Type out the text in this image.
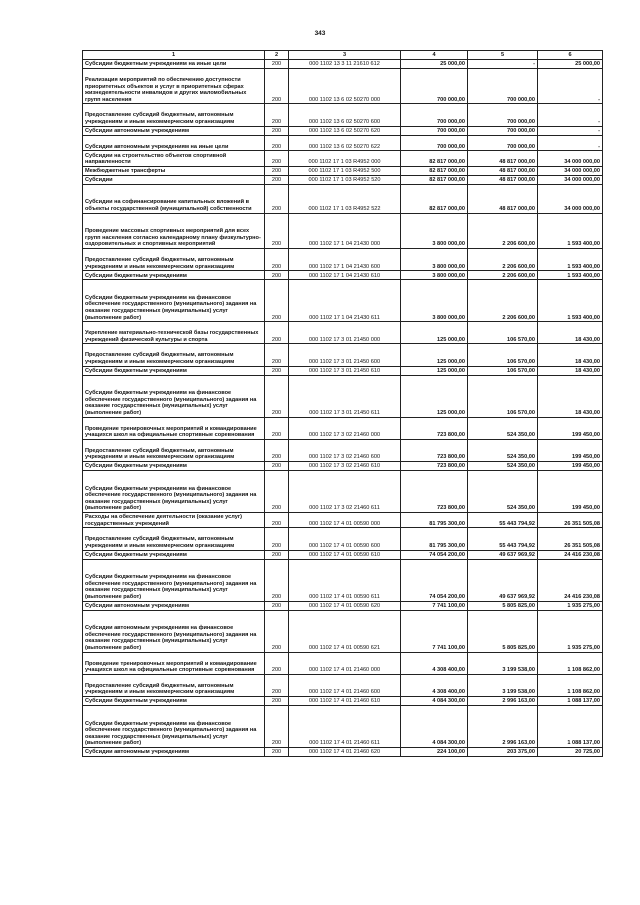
343
1	2	3	4	5	6

Субсидии бюджетным учреждениям на иные цели	200	000 1102 13 3 11 21610 612	25 000,00	-	25 000,00

Реализация мероприятий по обеспечению доступности приоритетных объектов и услуг в приоритетных сферах жизнедеятельности инвалидов и других маломобильных групп населения	200	000 1102 13 6 02 50270 000	700 000,00	700 000,00	-

Предоставление субсидий бюджетным, автономным учреждениям и иным некоммерческим организациям	200	000 1102 13 6 02 50270 600	700 000,00	700 000,00	-

Субсидии автономным учреждениям	200	000 1102 13 6 02 50270 620	700 000,00	700 000,00	-

Субсидии автономным учреждениям на иные цели	200	000 1102 13 6 02 50270 622	700 000,00	700 000,00	-

Субсидии на строительство объектов спортивной направленности	200	000 1102 17 1 03 R4952 000	82 817 000,00	48 817 000,00	34 000 000,00

Межбюджетные трансферты	200	000 1102 17 1 03 R4952 500	82 817 000,00	48 817 000,00	34 000 000,00

Субсидии	200	000 1102 17 1 03 R4952 520	82 817 000,00	48 817 000,00	34 000 000,00

Субсидии на софинансирование капитальных вложений в объекты государственной (муниципальной) собственности	200	000 1102 17 1 03 R4952 522	82 817 000,00	48 817 000,00	34 000 000,00

Проведение массовых спортивных мероприятий для всех групп населения согласно календарному плану физкультурно-оздоровительных и спортивных мероприятий	200	000 1102 17 1 04 21430 000	3 800 000,00	2 206 600,00	1 593 400,00

Предоставление субсидий бюджетным, автономным учреждениям и иным некоммерческим организациям	200	000 1102 17 1 04 21430 600	3 800 000,00	2 206 600,00	1 593 400,00

Субсидии бюджетным учреждениям	200	000 1102 17 1 04 21430 610	3 800 000,00	2 206 600,00	1 593 400,00

Субсидии бюджетным учреждениям на финансовое обеспечение государственного (муниципального) задания на оказание государственных (муниципальных) услуг (выполнение работ)	200	000 1102 17 1 04 21430 611	3 800 000,00	2 206 600,00	1 593 400,00

Укрепление материально-технической базы государственных учреждений физической культуры и спорта	200	000 1102 17 3 01 21450 000	125 000,00	106 570,00	18 430,00

Предоставление субсидий бюджетным, автономным учреждениям и иным некоммерческим организациям	200	000 1102 17 3 01 21450 600	125 000,00	106 570,00	18 430,00

Субсидии бюджетным учреждениям	200	000 1102 17 3 01 21450 610	125 000,00	106 570,00	18 430,00

Субсидии бюджетным учреждениям на финансовое обеспечение государственного (муниципального) задания на оказание государственных (муниципальных) услуг (выполнение работ)	200	000 1102 17 3 01 21450 611	125 000,00	106 570,00	18 430,00

Проведение тренировочных мероприятий и командирование учащихся школ на официальные спортивные соревнования	200	000 1102 17 3 02 21460 000	723 800,00	524 350,00	199 450,00

Предоставление субсидий бюджетным, автономным учреждениям и иным некоммерческим организациям	200	000 1102 17 3 02 21460 600	723 800,00	524 350,00	199 450,00

Субсидии бюджетным учреждениям	200	000 1102 17 3 02 21460 610	723 800,00	524 350,00	199 450,00

Субсидии бюджетным учреждениям на финансовое обеспечение государственного (муниципального) задания на оказание государственных (муниципальных) услуг (выполнение работ)	200	000 1102 17 3 02 21460 611	723 800,00	524 350,00	199 450,00

Расходы на обеспечение деятельности (оказание услуг) государственных учреждений	200	000 1102 17 4 01 00590 000	81 795 300,00	55 443 794,92	26 351 505,08

Предоставление субсидий бюджетным, автономным учреждениям и иным некоммерческим организациям	200	000 1102 17 4 01 00590 600	81 795 300,00	55 443 794,92	26 351 505,08

Субсидии бюджетным учреждениям	200	000 1102 17 4 01 00590 610	74 054 200,00	49 637 969,92	24 416 230,08

Субсидии бюджетным учреждениям на финансовое обеспечение государственного (муниципального) задания на оказание государственных (муниципальных) услуг (выполнение работ)	200	000 1102 17 4 01 00590 611	74 054 200,00	49 637 969,92	24 416 230,08

Субсидии автономным учреждениям	200	000 1102 17 4 01 00590 620	7 741 100,00	5 805 825,00	1 935 275,00

Субсидии автономным учреждениям на финансовое обеспечение государственного (муниципального) задания на оказание государственных (муниципальных) услуг (выполнение работ)	200	000 1102 17 4 01 00590 621	7 741 100,00	5 805 825,00	1 935 275,00

Проведение тренировочных мероприятий и командирование учащихся школ на официальные спортивные соревнования	200	000 1102 17 4 01 21460 000	4 308 400,00	3 199 538,00	1 108 862,00

Предоставление субсидий бюджетным, автономным учреждениям и иным некоммерческим организациям	200	000 1102 17 4 01 21460 600	4 308 400,00	3 199 538,00	1 108 862,00

Субсидии бюджетным учреждениям	200	000 1102 17 4 01 21460 610	4 084 300,00	2 996 163,00	1 088 137,00

Субсидии бюджетным учреждениям на финансовое обеспечение государственного (муниципального) задания на оказание государственных (муниципальных) услуг (выполнение работ)	200	000 1102 17 4 01 21460 611	4 084 300,00	2 996 163,00	1 088 137,00

Субсидии автономным учреждениям	200	000 1102 17 4 01 21460 620	224 100,00	203 375,00	20 725,00
